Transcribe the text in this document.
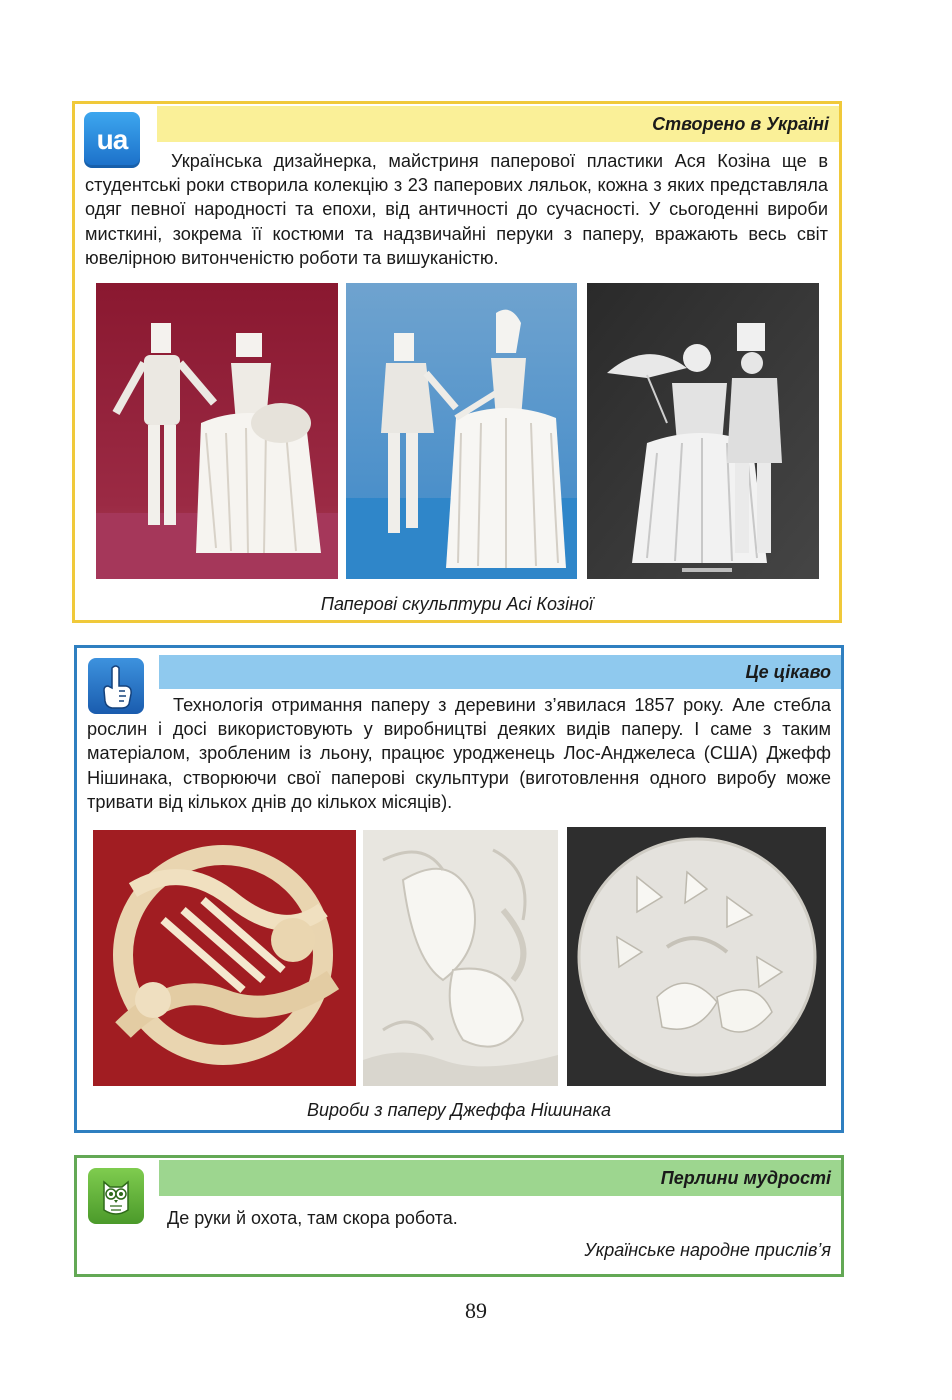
ua	Створено в Україні
Українська дизайнерка, майстриня паперової пластики Ася Козіна ще в студентські роки створила колекцію з 23 паперових ляльок, кожна з яких представляла одяг певної народності та епохи, від античності до сучасності. У сьогоденні вироби мисткині, зокрема її костюми та надзвичайні перуки з паперу, вражають весь світ ювелірною витонченістю роботи та вишуканістю.
Паперові скульптури Асі Козіної
Це цікаво
Технологія отримання паперу з деревини з’явилася 1857 року. Але стебла рослин і досі використовують у виробництві деяких видів паперу. І саме з таким матеріалом, зробленим із льону, працює уродженець Лос-Анджелеса (США) Джефф Нішинака, створюючи свої паперові скульптури (виготовлення одного виробу може тривати від кількох днів до кількох місяців).
Вироби з паперу Джеффа Нішинака
Перлини мудрості
Де руки й охота, там скора робота.
Українське народне прислів’я
89
